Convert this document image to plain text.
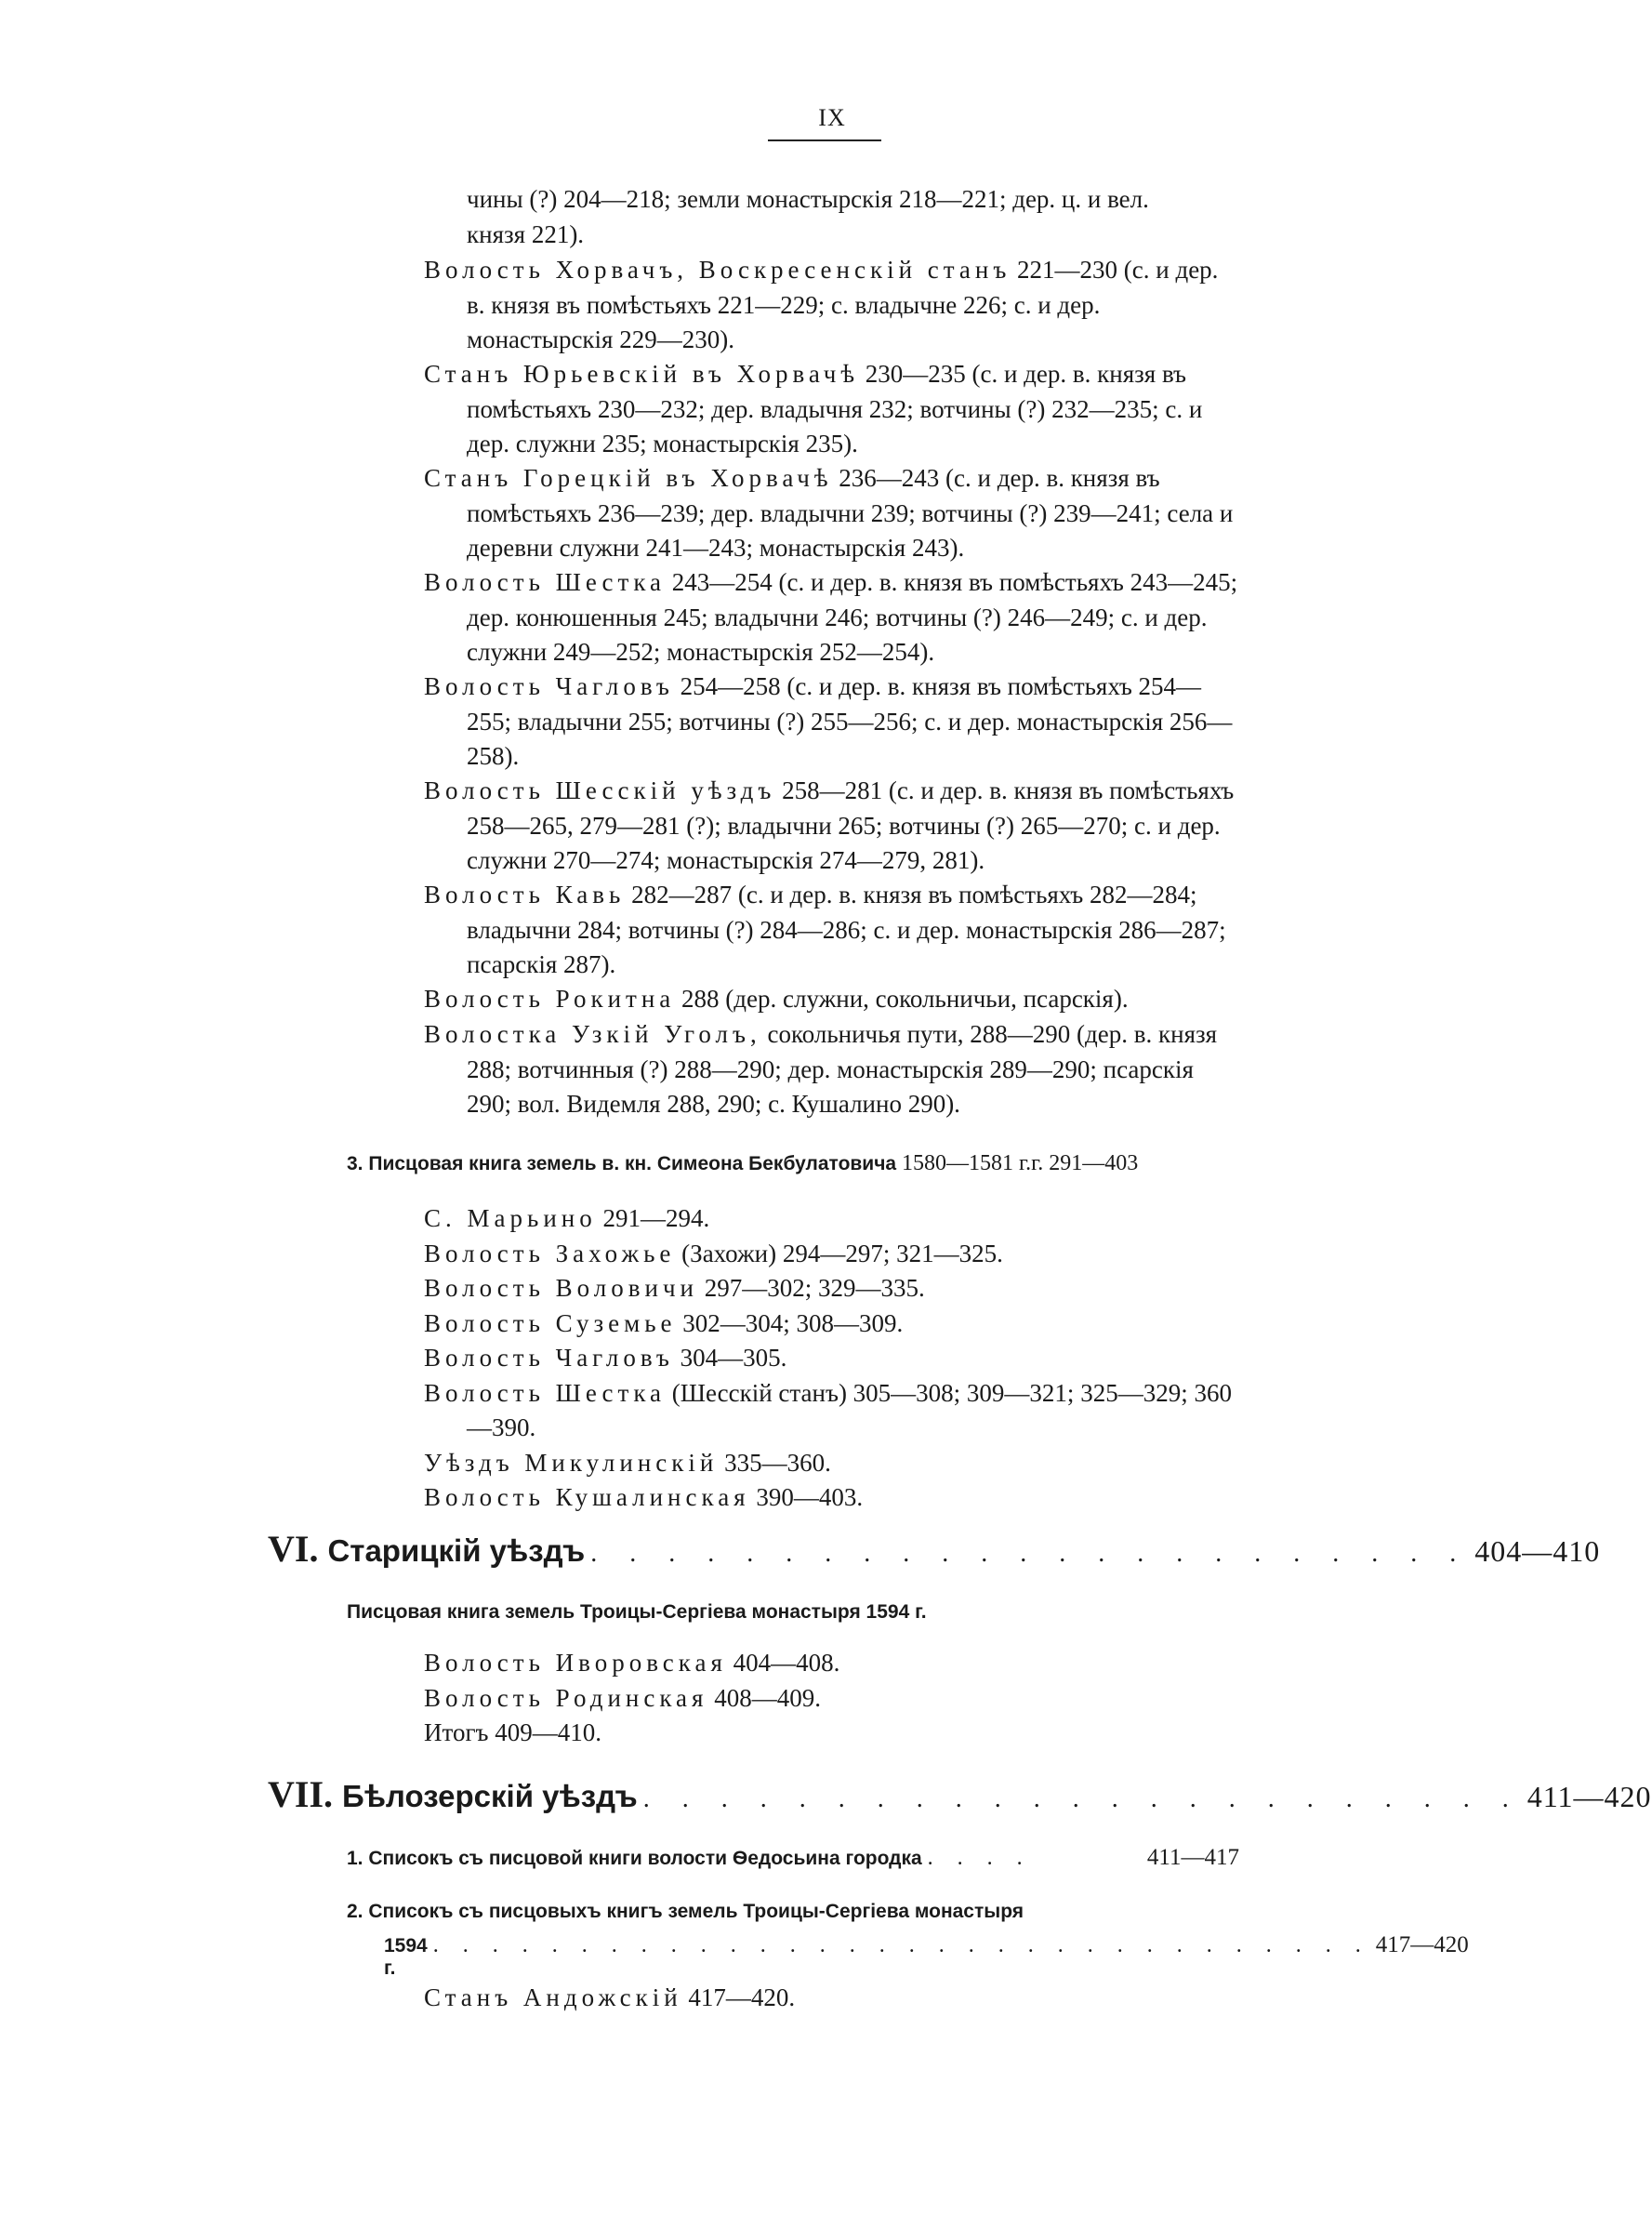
IX
чины (?) 204—218; земли монастырскія 218—221; дер. ц. и вел.
князя 221).
Волость Хорвачъ, Воскресенскій станъ 221—230 (с. и дер. в. князя въ помѣстьяхъ 221—229; с. владычне 226; с. и дер. монастырскія 229—230).
Станъ Юрьевскій въ Хорвачѣ 230—235 (с. и дер. в. князя въ помѣстьяхъ 230—232; дер. владычня 232; вотчины (?) 232—235; с. и дер. служни 235; монастырскія 235).
Станъ Горецкій въ Хорвачѣ 236—243 (с. и дер. в. князя въ помѣстьяхъ 236—239; дер. владычни 239; вотчины (?) 239—241; села и деревни служни 241—243; монастырскія 243).
Волость Шестка 243—254 (с. и дер. в. князя въ помѣстьяхъ 243—245; дер. конюшенныя 245; владычни 246; вотчины (?) 246—249; с. и дер. служни 249—252; монастырскія 252—254).
Волость Чагловъ 254—258 (с. и дер. в. князя въ помѣстьяхъ 254—255; владычни 255; вотчины (?) 255—256; с. и дер. монастырскія 256—258).
Волость Шесскій уѣздъ 258—281 (с. и дер. в. князя въ помѣстьяхъ 258—265, 279—281 (?); владычни 265; вотчины (?) 265—270; с. и дер. служни 270—274; монастырскія 274—279, 281).
Волость Кавь 282—287 (с. и дер. в. князя въ помѣстьяхъ 282—284; владычни 284; вотчины (?) 284—286; с. и дер. монастырскія 286—287; псарскія 287).
Волость Рокитна 288 (дер. служни, сокольничьи, псарскія).
Волостка Узкій Уголъ, сокольничья пути, 288—290 (дер. в. князя 288; вотчинныя (?) 288—290; дер. монастырскія 289—290; псарскія 290; вол. Видемля 288, 290; с. Кушалино 290).
3. Писцовая книга земель в. кн. Симеона Бекбулатовича 1580—1581 г.г. 291—403
С. Марьино 291—294.
Волость Захожье (Захожи) 294—297; 321—325.
Волость Воловичи 297—302; 329—335.
Волость Суземье 302—304; 308—309.
Волость Чагловъ 304—305.
Волость Шестка (Шесскій станъ) 305—308; 309—321; 325—329; 360—390.
Уѣздъ Микулинскій 335—360.
Волость Кушалинская 390—403.
VI. Старицкій уѣздъ . . . . . . . . . . . . . . . . . . . . . . . 404—410
Писцовая книга земель Троицы-Сергіева монастыря 1594 г.
Волость Иворовская 404—408.
Волость Родинская 408—409.
Итогъ 409—410.
VII. Бѣлозерскій уѣздъ . . . . . . . . . . . . . . . . . . . . . . . 411—420
1. Списокъ съ писцовой книги волости Ѳедосьина городка . . . .	411—417
2. Списокъ съ писцовыхъ книгъ земель Троицы-Сергіева монастыря
1594 г.
. . . . . . . . . . . . . . . . . . . . . . . . . . . . . . . . 417—420
Станъ Андожскій 417—420.
